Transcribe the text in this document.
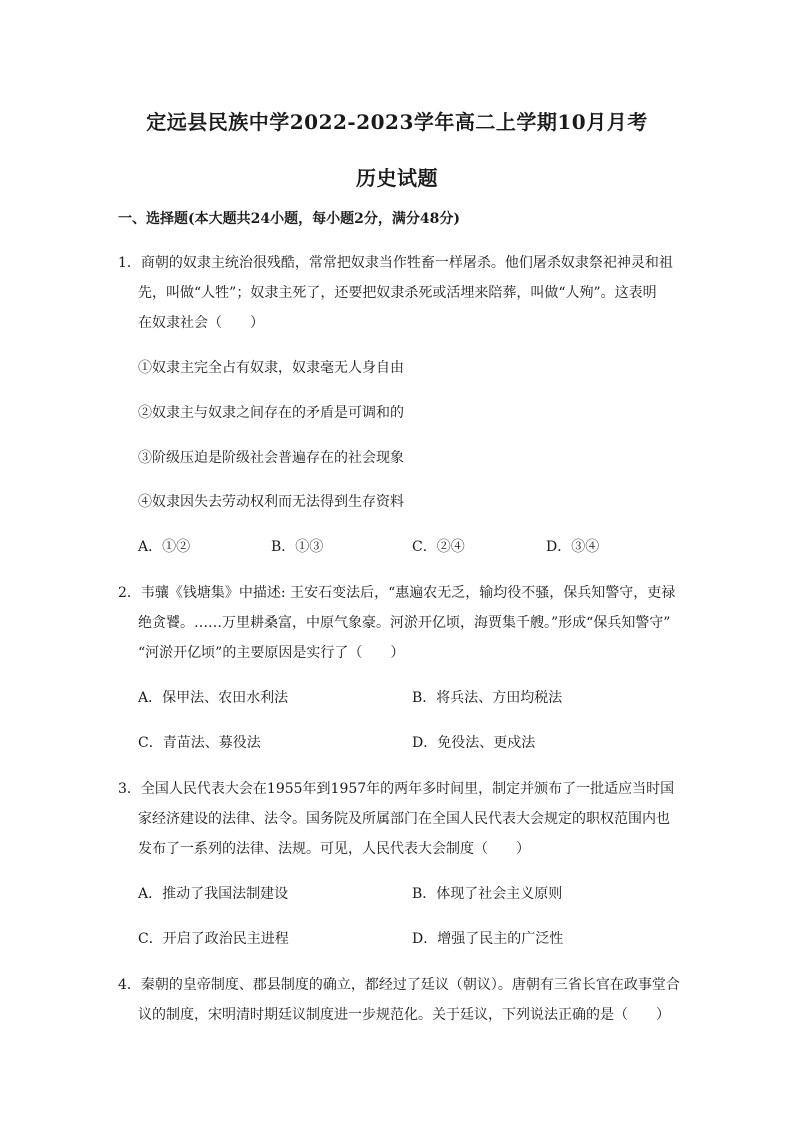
定远县民族中学2022-2023学年高二上学期10月月考
历史试题
一、选择题(本大题共24小题，每小题2分，满分48分)
1．商朝的奴隶主统治很残酷，常常把奴隶当作牲畜一样屠杀。他们屠杀奴隶祭祀神灵和祖
先，叫做“人牲”；奴隶主死了，还要把奴隶杀死或活埋来陪葬，叫做“人殉”。这表明
在奴隶社会（　　）
①奴隶主完全占有奴隶，奴隶毫无人身自由
②奴隶主与奴隶之间存在的矛盾是可调和的
③阶级压迫是阶级社会普遍存在的社会现象
④奴隶因失去劳动权利而无法得到生存资料
A．①②	B．①③	C．②④	D．③④
2．韦骧《钱塘集》中描述: 王安石变法后，“惠遍农无乏，输均役不骚，保兵知警守，吏禄
绝贪饕。……万里耕桑富，中原气象豪。河淤开亿顷，海贾集千艘。”形成“保兵知警守”
“河淤开亿顷”的主要原因是实行了（　　）
A．保甲法、农田水利法	B．将兵法、方田均税法
C．青苗法、募役法	D．免役法、更戍法
3．全国人民代表大会在1955年到1957年的两年多时间里，制定并颁布了一批适应当时国
家经济建设的法律、法令。国务院及所属部门在全国人民代表大会规定的职权范围内也
发布了一系列的法律、法规。可见，人民代表大会制度（　　）
A．推动了我国法制建设	B．体现了社会主义原则
C．开启了政治民主进程	D．增强了民主的广泛性
4．秦朝的皇帝制度、郡县制度的确立，都经过了廷议（朝议）。唐朝有三省长官在政事堂合
议的制度，宋明清时期廷议制度进一步规范化。关于廷议，下列说法正确的是（　　）
